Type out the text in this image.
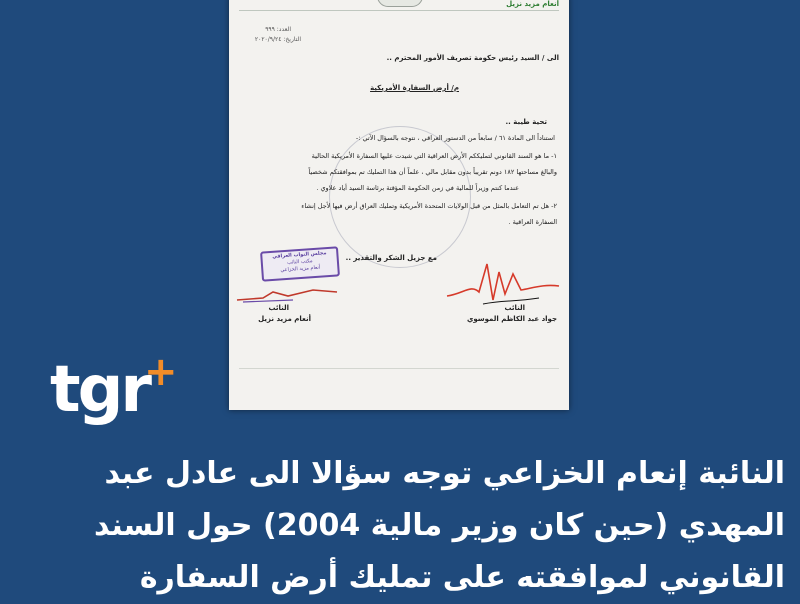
أنعام مزيد نزيل
العدد: ٩٩٩
التاريخ: ٢٠٢٠/٩/٢٤
الى / السيد رئيس حكومة تصريف الأمور المحترم ..
م/ أرض السفارة الأمريكية
تحية طيبة ..
استناداً الى المادة ٦١ / سابعاً من الدستور العراقي ، نتوجه بالسؤال الآتي :-
١- ما هو السند القانوني لتمليككم الأرض العراقية التي شيدت عليها السفارة الأمريكية الحالية
والبالغ مساحتها ١٨٢ دونم تقريباً بدون مقابل مالي ، علماً أن هذا التمليك تم بموافقتكم شخصياً
عندما كنتم وزيراً للمالية في زمن الحكومة المؤقتة برئاسة السيد أياد علاوي .
٢- هل تم التعامل بالمثل من قبل الولايات المتحدة الأمريكية وتمليك العراق أرض فيها لأجل إنشاء
السفارة العراقية .
مع جزيل الشكر والتقدير ..
مجلس النواب العراقي
مكتب النائب
أنعام مزيد الخزاعي
النائب
جواد عبد الكاظم الموسوي
النائب
أنعام مزيد نزيل
tgr
+
النائبة إنعام الخزاعي توجه سؤالا الى عادل عبد
المهدي (حين كان وزير مالية 2004) حول السند
القانوني لموافقته على تمليك أرض السفارة
